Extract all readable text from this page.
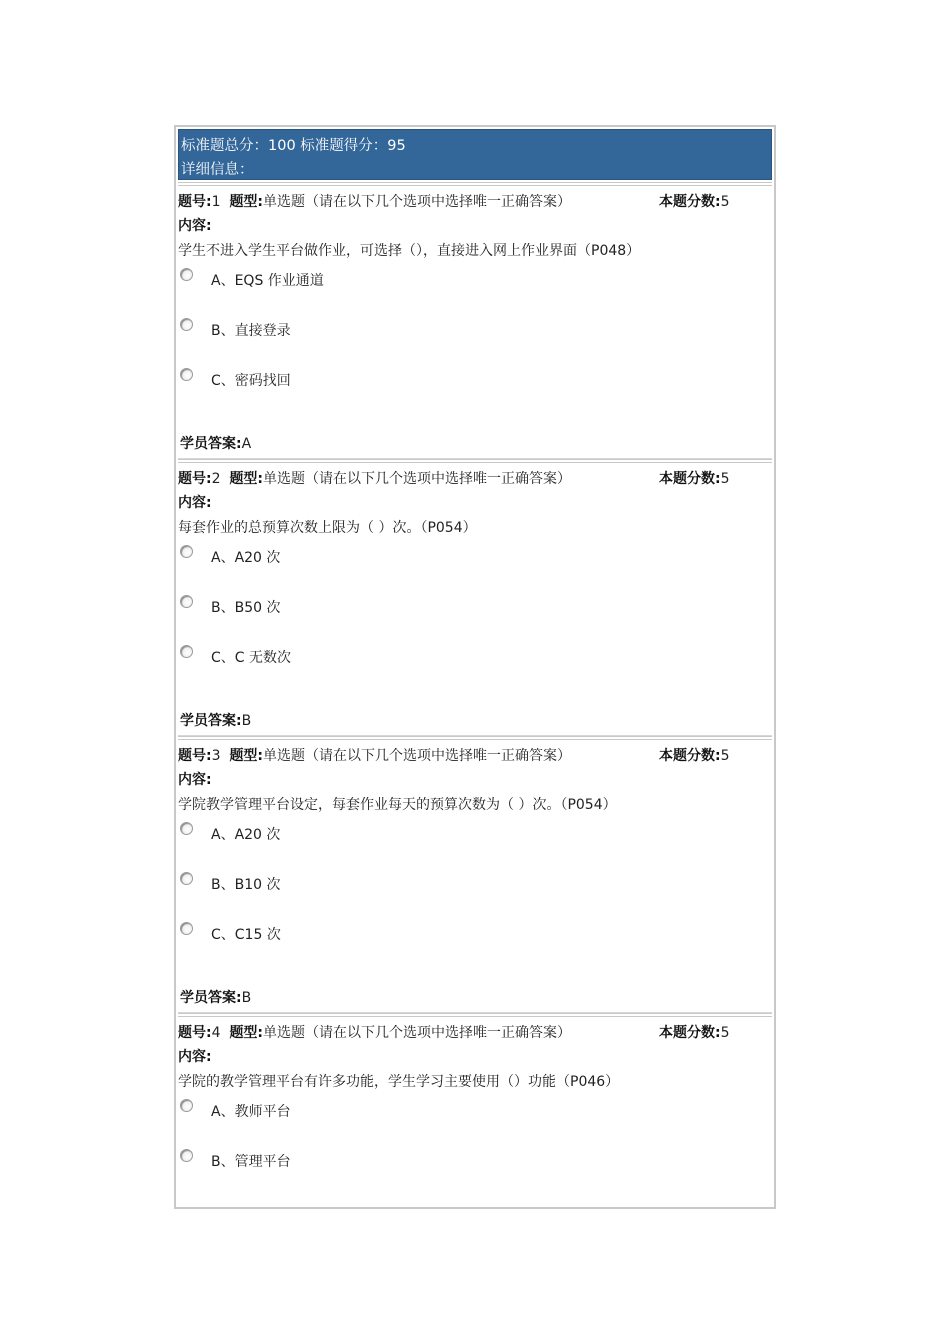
标准题总分：100 标准题得分：95
详细信息：
题号:1 题型:单选题（请在以下几个选项中选择唯一正确答案）	本题分数:5
内容:
学生不进入学生平台做作业，可选择（），直接进入网上作业界面（P048）
A、EQS 作业通道
B、直接登录
C、密码找回
学员答案:A
题号:2 题型:单选题（请在以下几个选项中选择唯一正确答案）	本题分数:5
内容:
每套作业的总预算次数上限为（ ）次。（P054）
A、A20 次
B、B50 次
C、C 无数次
学员答案:B
题号:3 题型:单选题（请在以下几个选项中选择唯一正确答案）	本题分数:5
内容:
学院教学管理平台设定，每套作业每天的预算次数为（ ）次。（P054）
A、A20 次
B、B10 次
C、C15 次
学员答案:B
题号:4 题型:单选题（请在以下几个选项中选择唯一正确答案）	本题分数:5
内容:
学院的教学管理平台有许多功能，学生学习主要使用（）功能（P046）
A、教师平台
B、管理平台
